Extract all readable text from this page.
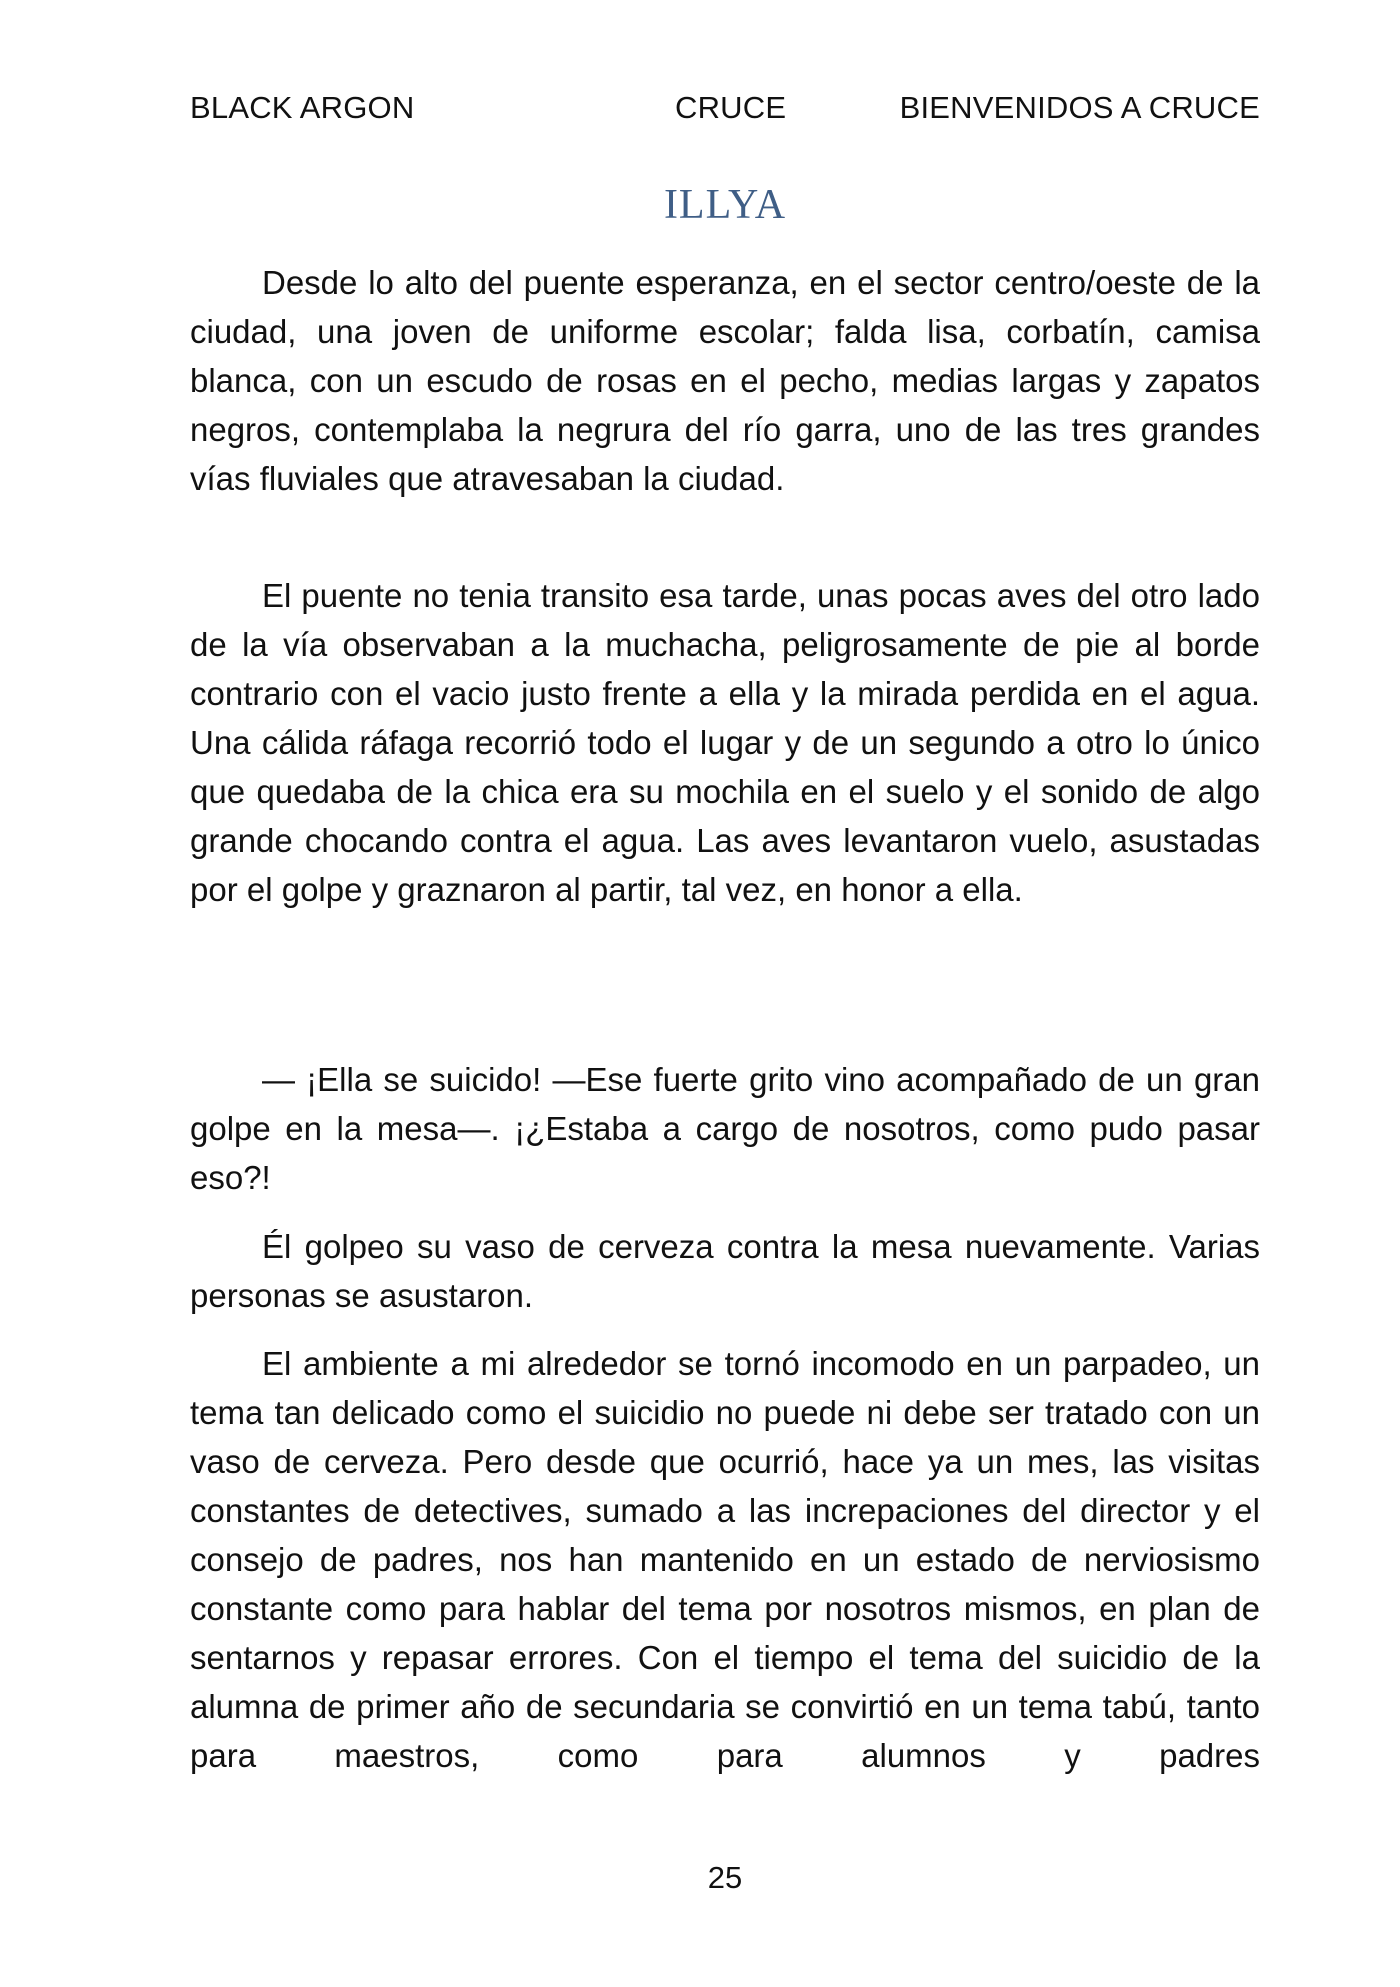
BLACK ARGON	CRUCE	BIENVENIDOS A CRUCE
ILLYA

Desde lo alto del puente esperanza, en el sector centro/oeste de la ciudad, una joven de uniforme escolar; falda lisa, corbatín, camisa blanca, con un escudo de rosas en el pecho, medias largas y zapatos negros, contemplaba la negrura del río garra, uno de las tres grandes vías fluviales que atravesaban la ciudad.

El puente no tenia transito esa tarde, unas pocas aves del otro lado de la vía observaban a la muchacha, peligrosamente de pie al borde contrario con el vacio justo frente a ella y la mirada perdida en el agua. Una cálida ráfaga recorrió todo el lugar y de un segundo a otro lo único que quedaba de la chica era su mochila en el suelo y el sonido de algo grande chocando contra el agua. Las aves levantaron vuelo, asustadas por el golpe y graznaron al partir, tal vez, en honor a ella.

— ¡Ella se suicido! —Ese fuerte grito vino acompañado de un gran golpe en la mesa—. ¡¿Estaba a cargo de nosotros, como pudo pasar eso?!

Él golpeo su vaso de cerveza contra la mesa nuevamente. Varias personas se asustaron.

El ambiente a mi alrededor se tornó incomodo en un parpadeo, un tema tan delicado como el suicidio no puede ni debe ser tratado con un vaso de cerveza. Pero desde que ocurrió, hace ya un mes, las visitas constantes de detectives, sumado a las increpaciones del director y el consejo de padres, nos han mantenido en un estado de nerviosismo constante como para hablar del tema por nosotros mismos, en plan de sentarnos y repasar errores. Con el tiempo el tema del suicidio de la alumna de primer año de secundaria se convirtió en un tema tabú, tanto para maestros, como para alumnos y padres

25
